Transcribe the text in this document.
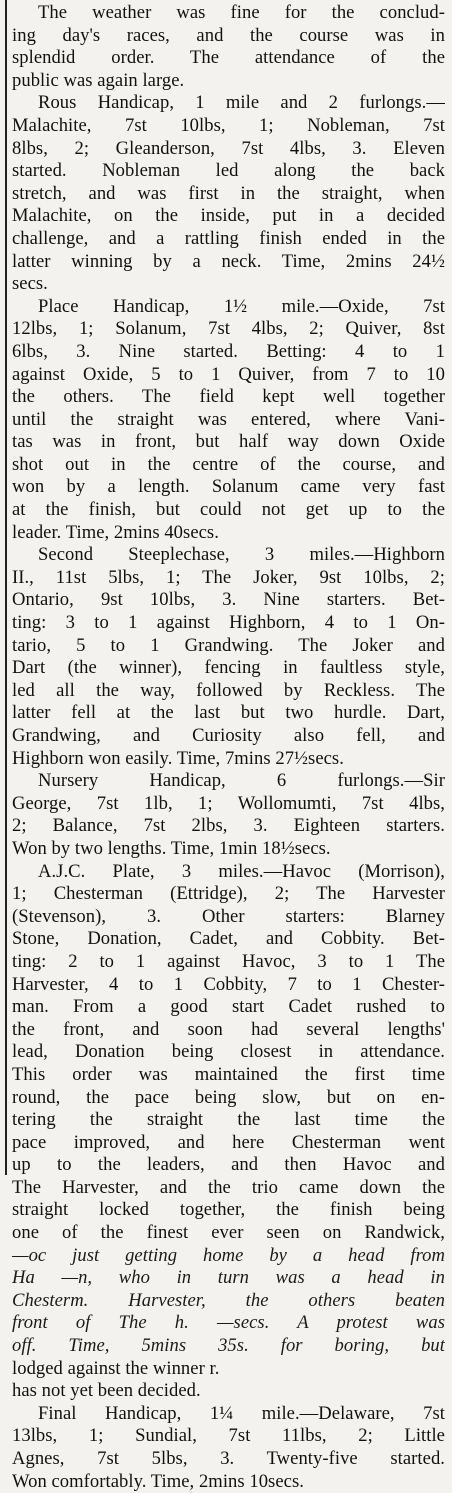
The weather was fine for the conclud-
ing day's races, and the course was in
splendid order. The attendance of the
public was again large.
Rous Handicap, 1 mile and 2 furlongs.—
Malachite, 7st 10lbs, 1; Nobleman, 7st
8lbs, 2; Gleanderson, 7st 4lbs, 3. Eleven
started. Nobleman led along the back
stretch, and was first in the straight, when
Malachite, on the inside, put in a decided
challenge, and a rattling finish ended in the
latter winning by a neck. Time, 2mins 24½
secs.
Place Handicap, 1½ mile.—Oxide, 7st
12lbs, 1; Solanum, 7st 4lbs, 2; Quiver, 8st
6lbs, 3. Nine started. Betting: 4 to 1
against Oxide, 5 to 1 Quiver, from 7 to 10
the others. The field kept well together
until the straight was entered, where Vani-
tas was in front, but half way down Oxide
shot out in the centre of the course, and
won by a length. Solanum came very fast
at the finish, but could not get up to the
leader. Time, 2mins 40secs.
Second Steeplechase, 3 miles.—Highborn
II., 11st 5lbs, 1; The Joker, 9st 10lbs, 2;
Ontario, 9st 10lbs, 3. Nine starters. Bet-
ting: 3 to 1 against Highborn, 4 to 1 On-
tario, 5 to 1 Grandwing. The Joker and
Dart (the winner), fencing in faultless style,
led all the way, followed by Reckless. The
latter fell at the last but two hurdle. Dart,
Grandwing, and Curiosity also fell, and
Highborn won easily. Time, 7mins 27½secs.
Nursery Handicap, 6 furlongs.—Sir
George, 7st 1lb, 1; Wollomumti, 7st 4lbs,
2; Balance, 7st 2lbs, 3. Eighteen starters.
Won by two lengths. Time, 1min 18½secs.
A.J.C. Plate, 3 miles.—Havoc (Morrison),
1; Chesterman (Ettridge), 2; The Harvester
(Stevenson), 3. Other starters: Blarney
Stone, Donation, Cadet, and Cobbity. Bet-
ting: 2 to 1 against Havoc, 3 to 1 The
Harvester, 4 to 1 Cobbity, 7 to 1 Chester-
man. From a good start Cadet rushed to
the front, and soon had several lengths'
lead, Donation being closest in attendance.
This order was maintained the first time
round, the pace being slow, but on en-
tering the straight the last time the
pace improved, and here Chesterman went
up to the leaders, and then Havoc and
The Harvester, and the trio came down the
straight locked together, the finish being
one of the finest ever seen on Randwick,
—oc just getting home by a head from
Ha —n, who in turn was a head in
Chesterm. Harvester, the others beaten
front of The h. —secs. A protest was
off. Time, 5mins 35s. for boring, but
lodged against the winner r.
has not yet been decided.
Final Handicap, 1¼ mile.—Delaware, 7st
13lbs, 1; Sundial, 7st 11lbs, 2; Little
Agnes, 7st 5lbs, 3. Twenty-five started.
Won comfortably. Time, 2mins 10secs.
